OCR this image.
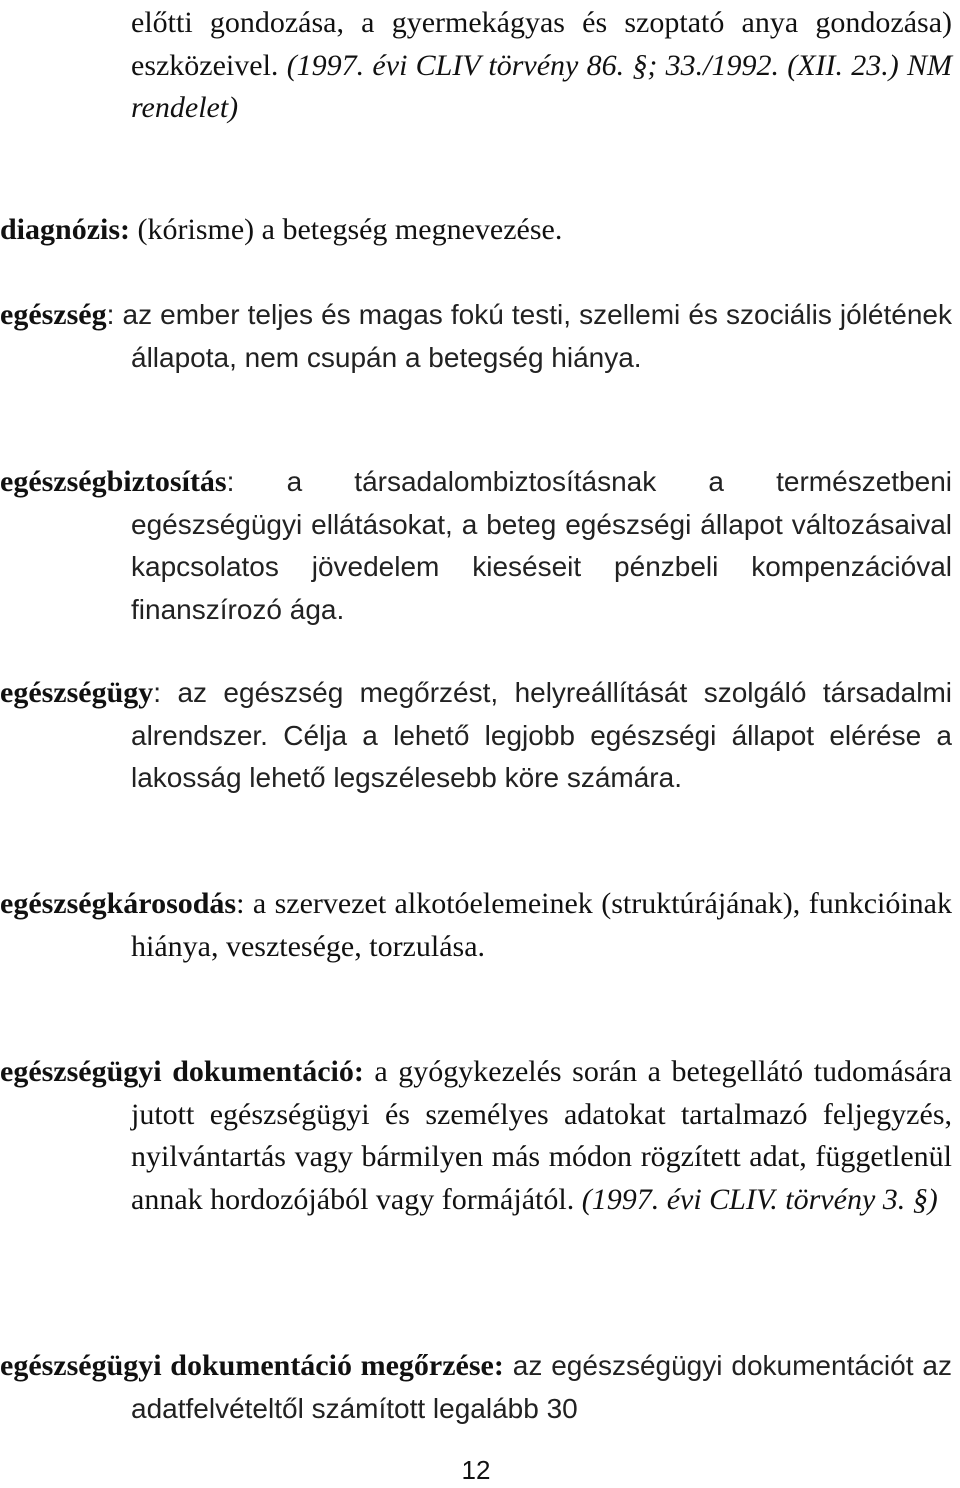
előtti gondozása, a gyermekágyas és szoptató anya gondozása) eszközeivel. (1997. évi CLIV törvény 86. §; 33./1992. (XII. 23.) NM rendelet)
diagnózis: (kórisme) a betegség megnevezése.
egészség: az ember teljes és magas fokú testi, szellemi és szociális jólétének állapota, nem csupán a betegség hiánya.
egészségbiztosítás: a társadalombiztosításnak a természetbeni egészségügyi ellátásokat, a beteg egészségi állapot változásaival kapcsolatos jövedelem kieséseit pénzbeli kompenzációval finanszírozó ága.
egészségügy: az egészség megőrzést, helyreállítását szolgáló társadalmi alrendszer. Célja a lehető legjobb egészségi állapot elérése a lakosság lehető legszélesebb köre számára.
egészségkárosodás: a szervezet alkotóelemeinek (struktúrájának), funkcióinak hiánya, vesztesége, torzulása.
egészségügyi dokumentáció: a gyógykezelés során a betegellátó tudomására jutott egészségügyi és személyes adatokat tartalmazó feljegyzés, nyilvántartás vagy bármilyen más módon rögzített adat, függetlenül annak hordozójából vagy formájától. (1997. évi CLIV. törvény 3. §)
egészségügyi dokumentáció megőrzése: az egészségügyi dokumentációt az adatfelvételtől számított legalább 30
12
